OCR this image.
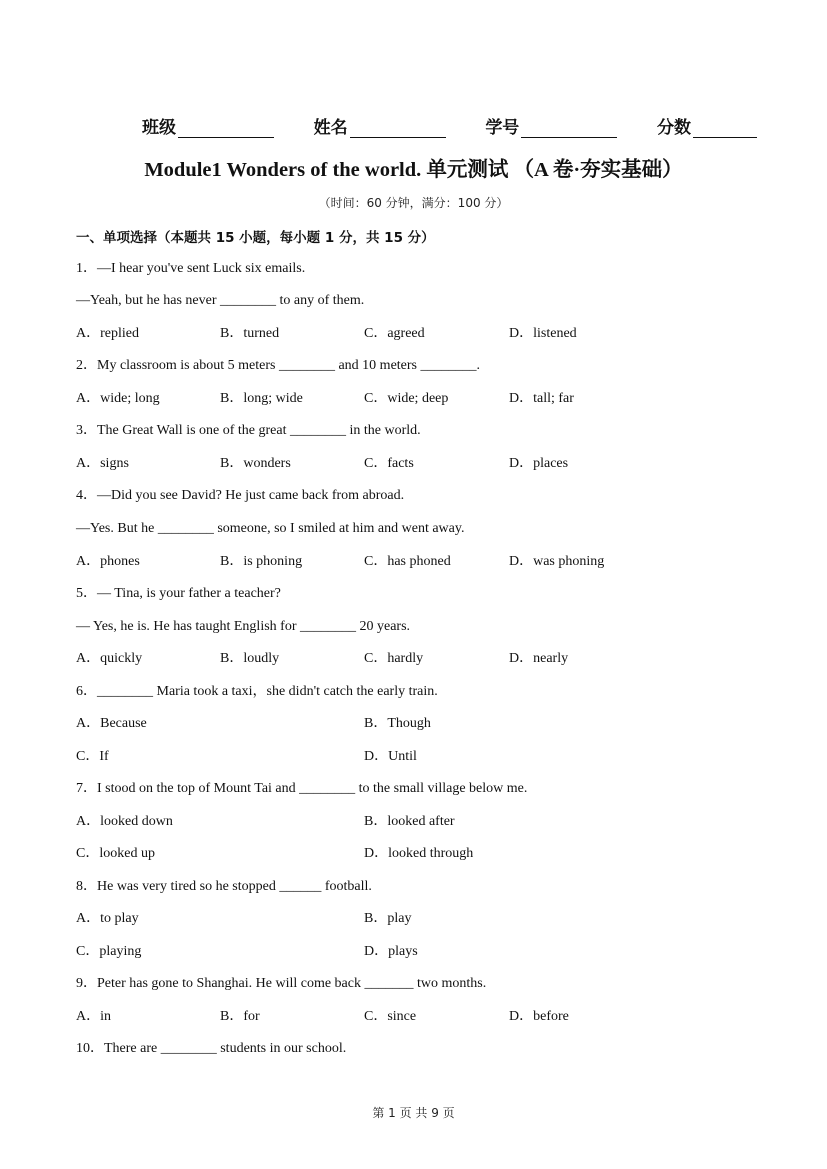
班级	姓名	学号	分数
Module1 Wonders of the world. 单元测试 （A 卷·夯实基础）
（时间：60 分钟，满分：100 分）
一、单项选择（本题共 15 小题，每小题 1 分，共 15 分）
1．—I hear you've sent Luck six emails.
—Yeah, but he has never ________ to any of them.
A．replied	B．turned	C．agreed	D．listened
2．My classroom is about 5 meters ________ and 10 meters ________.
A．wide; long	B．long; wide	C．wide; deep	D．tall; far
3．The Great Wall is one of the great ________ in the world.
A．signs	B．wonders	C．facts	D．places
4．—Did you see David? He just came back from abroad.
—Yes. But he ________ someone, so I smiled at him and went away.
A．phones	B．is phoning	C．has phoned	D．was phoning
5．— Tina, is your father a teacher?
— Yes, he is. He has taught English for ________ 20 years.
A．quickly	B．loudly	C．hardly	D．nearly
6．________ Maria took a taxi，she didn't catch the early train.
A．Because	B．Though
C．If	D．Until
7．I stood on the top of Mount Tai and ________ to the small village below me.
A．looked down	B．looked after
C．looked up	D．looked through
8．He was very tired so he stopped ______ football.
A．to play	B．play
C．playing	D．plays
9．Peter has gone to Shanghai. He will come back _______ two months.
A．in	B．for	C．since	D．before
10．There are ________ students in our school.
第 1 页 共 9 页
